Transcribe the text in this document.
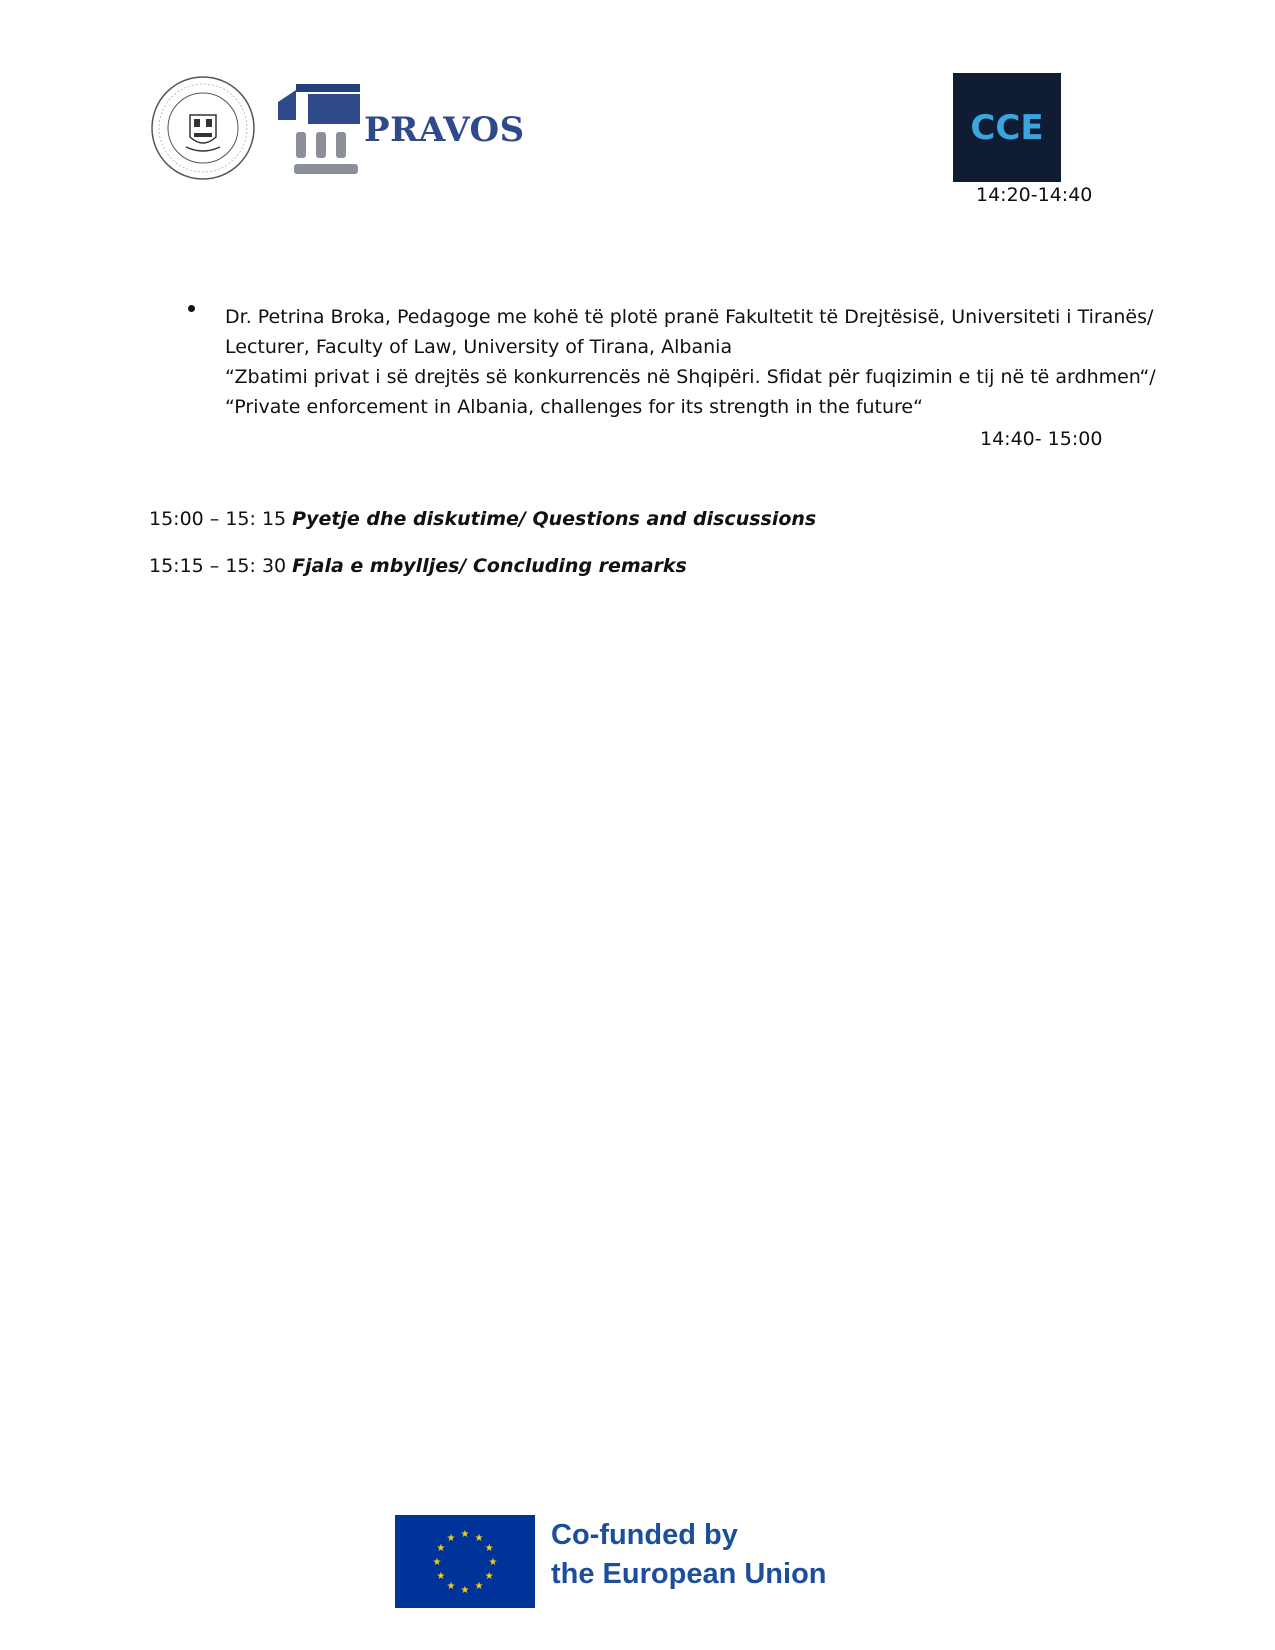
PRAVOS	CCE
14:20-14:40
Dr. Petrina Broka, Pedagoge me kohë të plotë pranë Fakultetit të Drejtësisë, Universiteti i Tiranës/
Lecturer, Faculty of Law, University of Tirana, Albania
“Zbatimi privat i së drejtës së konkurrencës në Shqipëri. Sfidat për fuqizimin e tij në të ardhmen“/
“Private enforcement in Albania, challenges for its strength in the future“
14:40- 15:00
15:00 – 15: 15 Pyetje dhe diskutime/ Questions and discussions
15:15 – 15: 30 Fjala e mbylljes/ Concluding remarks
★ ★
★
★
★
★
★
★
★
★
★
★	Co-funded by
the European Union
